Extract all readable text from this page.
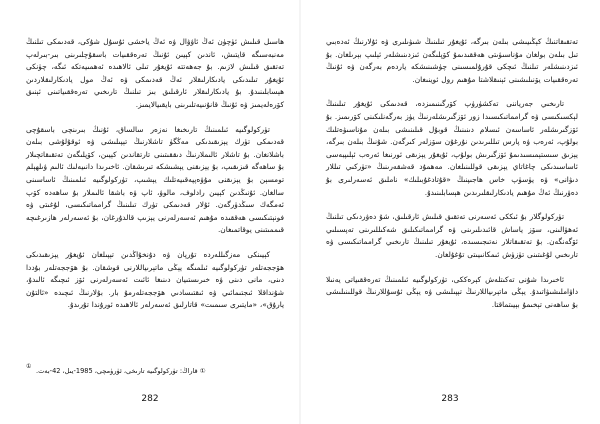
ھاسىل قىلىش ئۈچۈن ئەڭ ئاۋۋال ۋە ئەڭ ياخشى ئۇسۇل شۇكى، قەدىمكى تىلنىڭ مەنبەسىگە قايتىش، ئاندىن كېيىن ئۇنىڭ تەرەققىيات باسقۇچلىرىنى بىر-بىرلەپ تەتقىق قىلىش لازىم. بۇ جەھەتتە ئۇيغۇر تىلى ئالاھىدە ئەھمىيەتكە ئىگە، چۈنكى ئۇيغۇر تىلىدىكى يادىكارلىقلار ئەڭ قەدىمكى ۋە ئەڭ مول يادىكارلىقلاردىن ھېسابلىنىدۇ. بۇ يادىكارلىقلار ئارقىلىق بىز تىلنىڭ تارىخىي تەرەققىياتىنى ئېنىق كۆرەلەيمىز ۋە ئۇنىڭ قانۇنىيەتلىرىنى بايقىيالايمىز.

تۈركولوگىيە ئىلمىنىڭ تارىخىغا نەزەر سالساق، ئۇنىڭ بىرىنچى باسقۇچى قەدىمكى تۈرك يېزىقىدىكى مەڭگۈ تاشلارنىڭ تېپىلىشى ۋە ئوقۇلۇشى بىلەن باشلانغان. بۇ تاشلار ئالىملارنىڭ دىققىتىنى تارتقاندىن كېيىن، كۆپلىگەن تەتقىقاتچىلار بۇ ساھەگە قىزىقىپ، بۇ يېزىقنى يېشىشكە تىرىشقان. ئاخىرىدا دانىيەلىك ئالىم ۋىلھېلم تومسېن بۇ يېزىقنى مۇۋەپپەقىيەتلىك يېشىپ، تۈركولوگىيە ئىلمىنىڭ ئاساسىنى سالغان. ئۇنىڭدىن كېيىن رادلوف، مالوۋ، ئاپ ۋە باشقا ئالىملار بۇ ساھەدە كۆپ ئەمگەك سىڭدۈرگەن. ئۇلار قەدىمكى تۈرك تىلىنىڭ گرامماتىكىسى، لۇغىتى ۋە فونېتىكىسى ھەققىدە مۇھىم ئەسەرلەرنى يېزىپ قالدۇرغان، بۇ ئەسەرلەر ھازىرغىچە قىممىتىنى يوقاتمىغان.

كېيىنكى مەزگىللەردە تۇرپان ۋە دۇنخۇاڭدىن تېپىلغان ئۇيغۇر يېزىقىدىكى ھۆججەتلەر تۈركولوگىيە ئىلمىگە يېڭى ماتېرىياللارنى قوشقان. بۇ ھۆججەتلەر بۇددا دىنى، مانى دىنى ۋە خىرىستىيان دىنىغا ئائىت ئەسەرلەرنى ئۆز ئىچىگە ئالىدۇ، شۇنداقلا ئىجتىمائىي ۋە ئىقتىسادىي ھۆججەتلەرمۇ بار. بۇلارنىڭ ئىچىدە «ئالتۇن يارۇق»، «مايتىرى سىمىت» قاتارلىق ئەسەرلەر ئالاھىدە ئورۇندا تۇرىدۇ.

①
① قاراڭ: تۈركولوگىيە تارىخى، ئۈرۈمچى، 1985-يىل، 42-بەت.
282

تەتقىقاتنىڭ كېڭىيىشى بىلەن بىرگە، ئۇيغۇر تىلىنىڭ شىۋىلىرى ۋە ئۇلارنىڭ ئەدەبىي تىل بىلەن بولغان مۇناسىۋىتى ھەققىدىمۇ كۆپلىگەن ئىزدىنىشلەر ئېلىپ بېرىلغان. بۇ ئىزدىنىشلەر تىلنىڭ ئىچكى قۇرۇلمىسىنى چۈشىنىشكە ياردەم بەرگەن ۋە ئۇنىڭ تەرەققىيات يۆنىلىشىنى ئېنىقلاشتا مۇھىم رول ئوينىغان.

تارىخىي جەرياننى تەكشۈرۈپ كۆرگىنىمىزدە، قەدىمكى ئۇيغۇر تىلىنىڭ لېكسىكىسى ۋە گرامماتىكىسىدا زور ئۆزگىرىشلەرنىڭ يۈز بەرگەنلىكىنى كۆرىمىز. بۇ ئۆزگىرىشلەر ئاساسەن ئىسلام دىنىنىڭ قوبۇل قىلىنىشى بىلەن مۇناسىۋەتلىك بولۇپ، ئەرەب ۋە پارس تىللىرىدىن نۇرغۇن سۆزلەر كىرگەن. شۇنىڭ بىلەن بىرگە، يېزىق سىستېمىسىدىمۇ ئۆزگىرىش بولۇپ، ئۇيغۇر يېزىقى ئورنىغا ئەرەب ئېلىپبەسى ئاساسىدىكى چاغاتاي يېزىقى قوللىنىلغان. مەھمۇد قەشقەرىنىڭ «تۈركىي تىللار دىۋانى» ۋە يۈسۈپ خاس ھاجىپنىڭ «قۇتادغۇبىلىك» ناملىق ئەسەرلىرى بۇ دەۋرنىڭ ئەڭ مۇھىم يادىكارلىقلىرىدىن ھېسابلىنىدۇ.

تۈركولوگلار بۇ ئىككى ئەسەرنى تەتقىق قىلىش ئارقىلىق، شۇ دەۋردىكى تىلنىڭ ئەھۋالىنى، سۆز ياساش قائىدىلىرىنى ۋە گرامماتىكىلىق شەكىللىرىنى تەپسىلىي ئۆگەنگەن. بۇ تەتقىقاتلار نەتىجىسىدە، ئۇيغۇر تىلىنىڭ تارىخىي گرامماتىكىسى ۋە تارىخىي لۇغىتىنى تۈزۈش ئىمكانىيىتى تۇغۇلغان.

ئاخىرىدا شۇنى تەكىتلەش كېرەككى، تۈركولوگىيە ئىلمىنىڭ تەرەققىياتى يەنىلا داۋاملىشىۋاتىدۇ. يېڭى ماتېرىياللارنىڭ تېپىلىشى ۋە يېڭى ئۇسۇللارنىڭ قوللىنىلىشى بۇ ساھەنى تېخىمۇ بېيىتماقتا.

283
